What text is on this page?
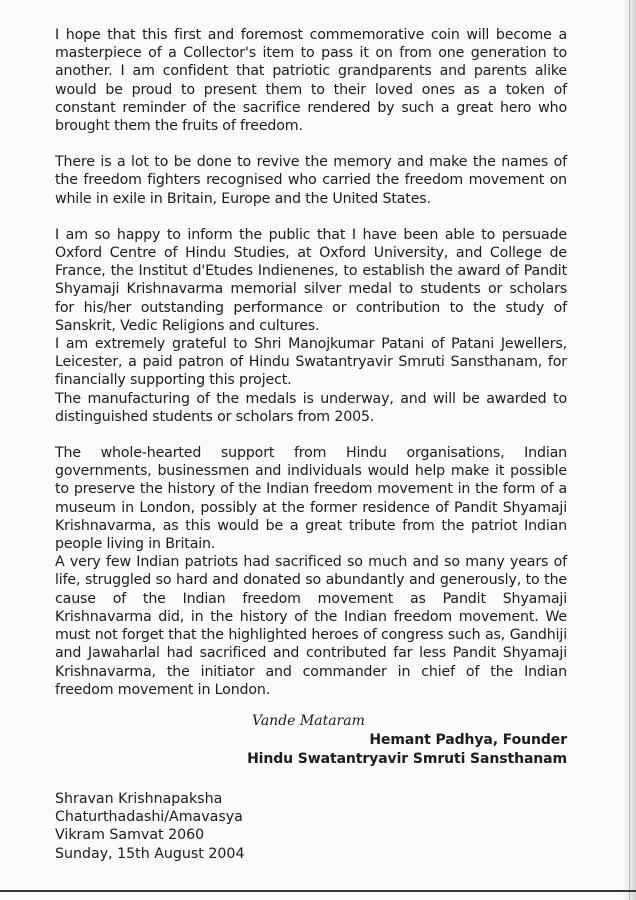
I hope that this first and foremost commemorative coin will become a masterpiece of a Collector's item to pass it on from one generation to another. I am confident that patriotic grandparents and parents alike would be proud to present them to their loved ones as a token of constant reminder of the sacrifice rendered by such a great hero who brought them the fruits of freedom.

There is a lot to be done to revive the memory and make the names of the freedom fighters recognised who carried the freedom movement on while in exile in Britain, Europe and the United States.

I am so happy to inform the public that I have been able to persuade Oxford Centre of Hindu Studies, at Oxford University, and College de France, the Institut d'Etudes Indienenes, to establish the award of Pandit Shyamaji Krishnavarma memorial silver medal to students or scholars for his/her outstanding performance or contribution to the study of Sanskrit, Vedic Religions and cultures.

I am extremely grateful to Shri Manojkumar Patani of Patani Jewellers, Leicester, a paid patron of Hindu Swatantryavir Smruti Sansthanam, for financially supporting this project.

The manufacturing of the medals is underway, and will be awarded to distinguished students or scholars from 2005.

The whole-hearted support from Hindu organisations, Indian governments, businessmen and individuals would help make it possible to preserve the history of the Indian freedom movement in the form of a museum in London, possibly at the former residence of Pandit Shyamaji Krishnavarma, as this would be a great tribute from the patriot Indian people living in Britain.

A very few Indian patriots had sacrificed so much and so many years of life, struggled so hard and donated so abundantly and generously, to the cause of the Indian freedom movement as Pandit Shyamaji Krishnavarma did, in the history of the Indian freedom movement. We must not forget that the highlighted heroes of congress such as, Gandhiji and Jawaharlal had sacrificed and contributed far less Pandit Shyamaji Krishnavarma, the initiator and commander in chief of the Indian freedom movement in London.

Vande Mataram
Hemant Padhya, Founder
Hindu Swatantryavir Smruti Sansthanam
Shravan Krishnapaksha
Chaturthadashi/Amavasya
Vikram Samvat 2060
Sunday, 15th August 2004
